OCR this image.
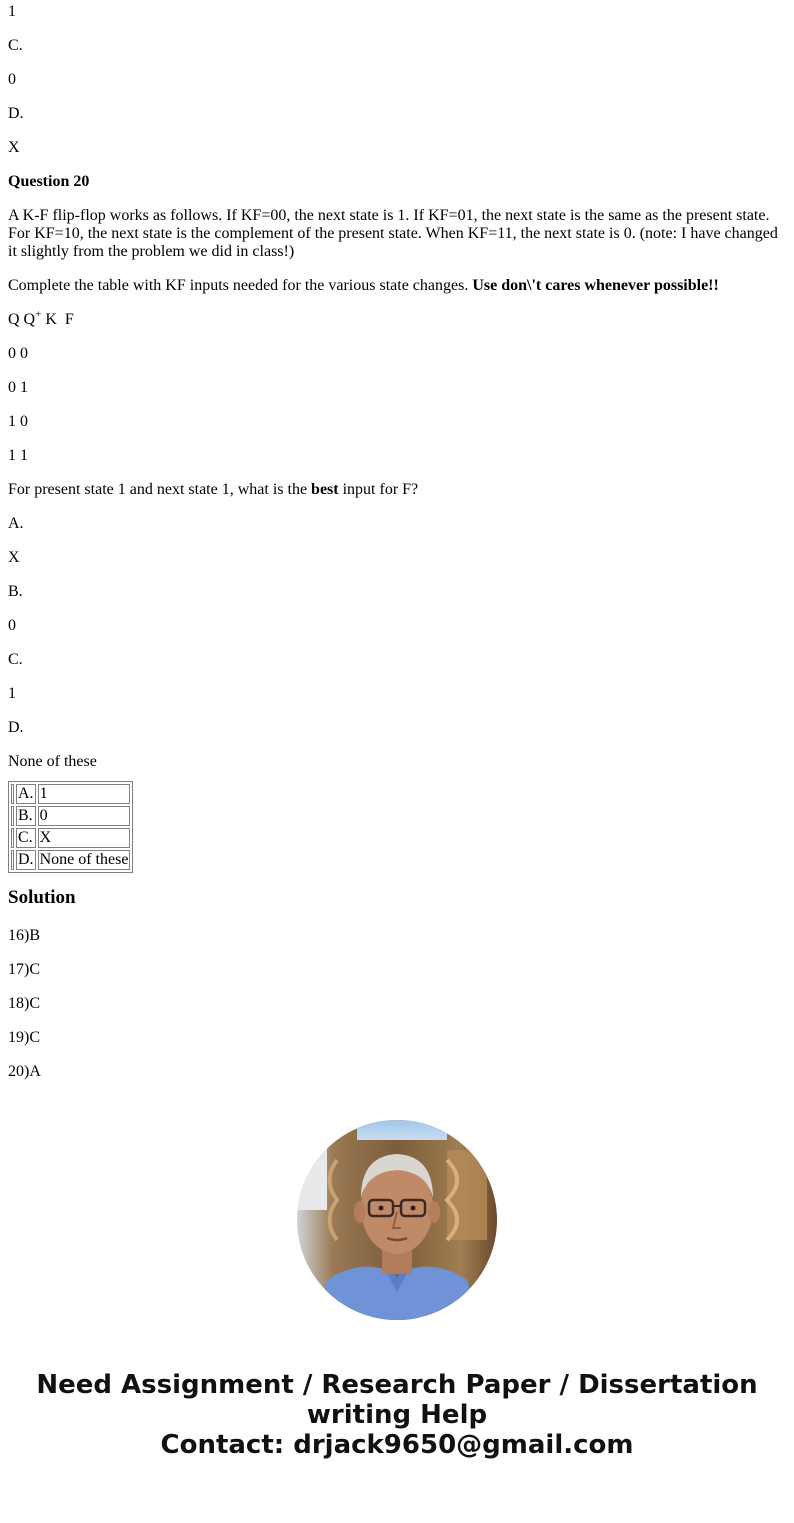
1

C.

0

D.

X

Question 20

A K-F flip-flop works as follows. If KF=00, the next state is 1. If KF=01, the next state is the same as the present state. For KF=10, the next state is the complement of the present state. When KF=11, the next state is 0. (note: I have changed it slightly from the problem we did in class!)

Complete the table with KF inputs needed for the various state changes. Use don\'t cares whenever possible!!

Q Q+ K F

0 0

0 1

1 0

1 1

For present state 1 and next state 1, what is the best input for F?

A.

X

B.

0

C.

1

D.

None of these

	A.	1
	B.	0
	C.	X
	D.	None of these
Solution

16)B

17)C

18)C

19)C

20)A

Need Assignment / Research Paper / Dissertation
writing Help
Contact: drjack9650@gmail.com
